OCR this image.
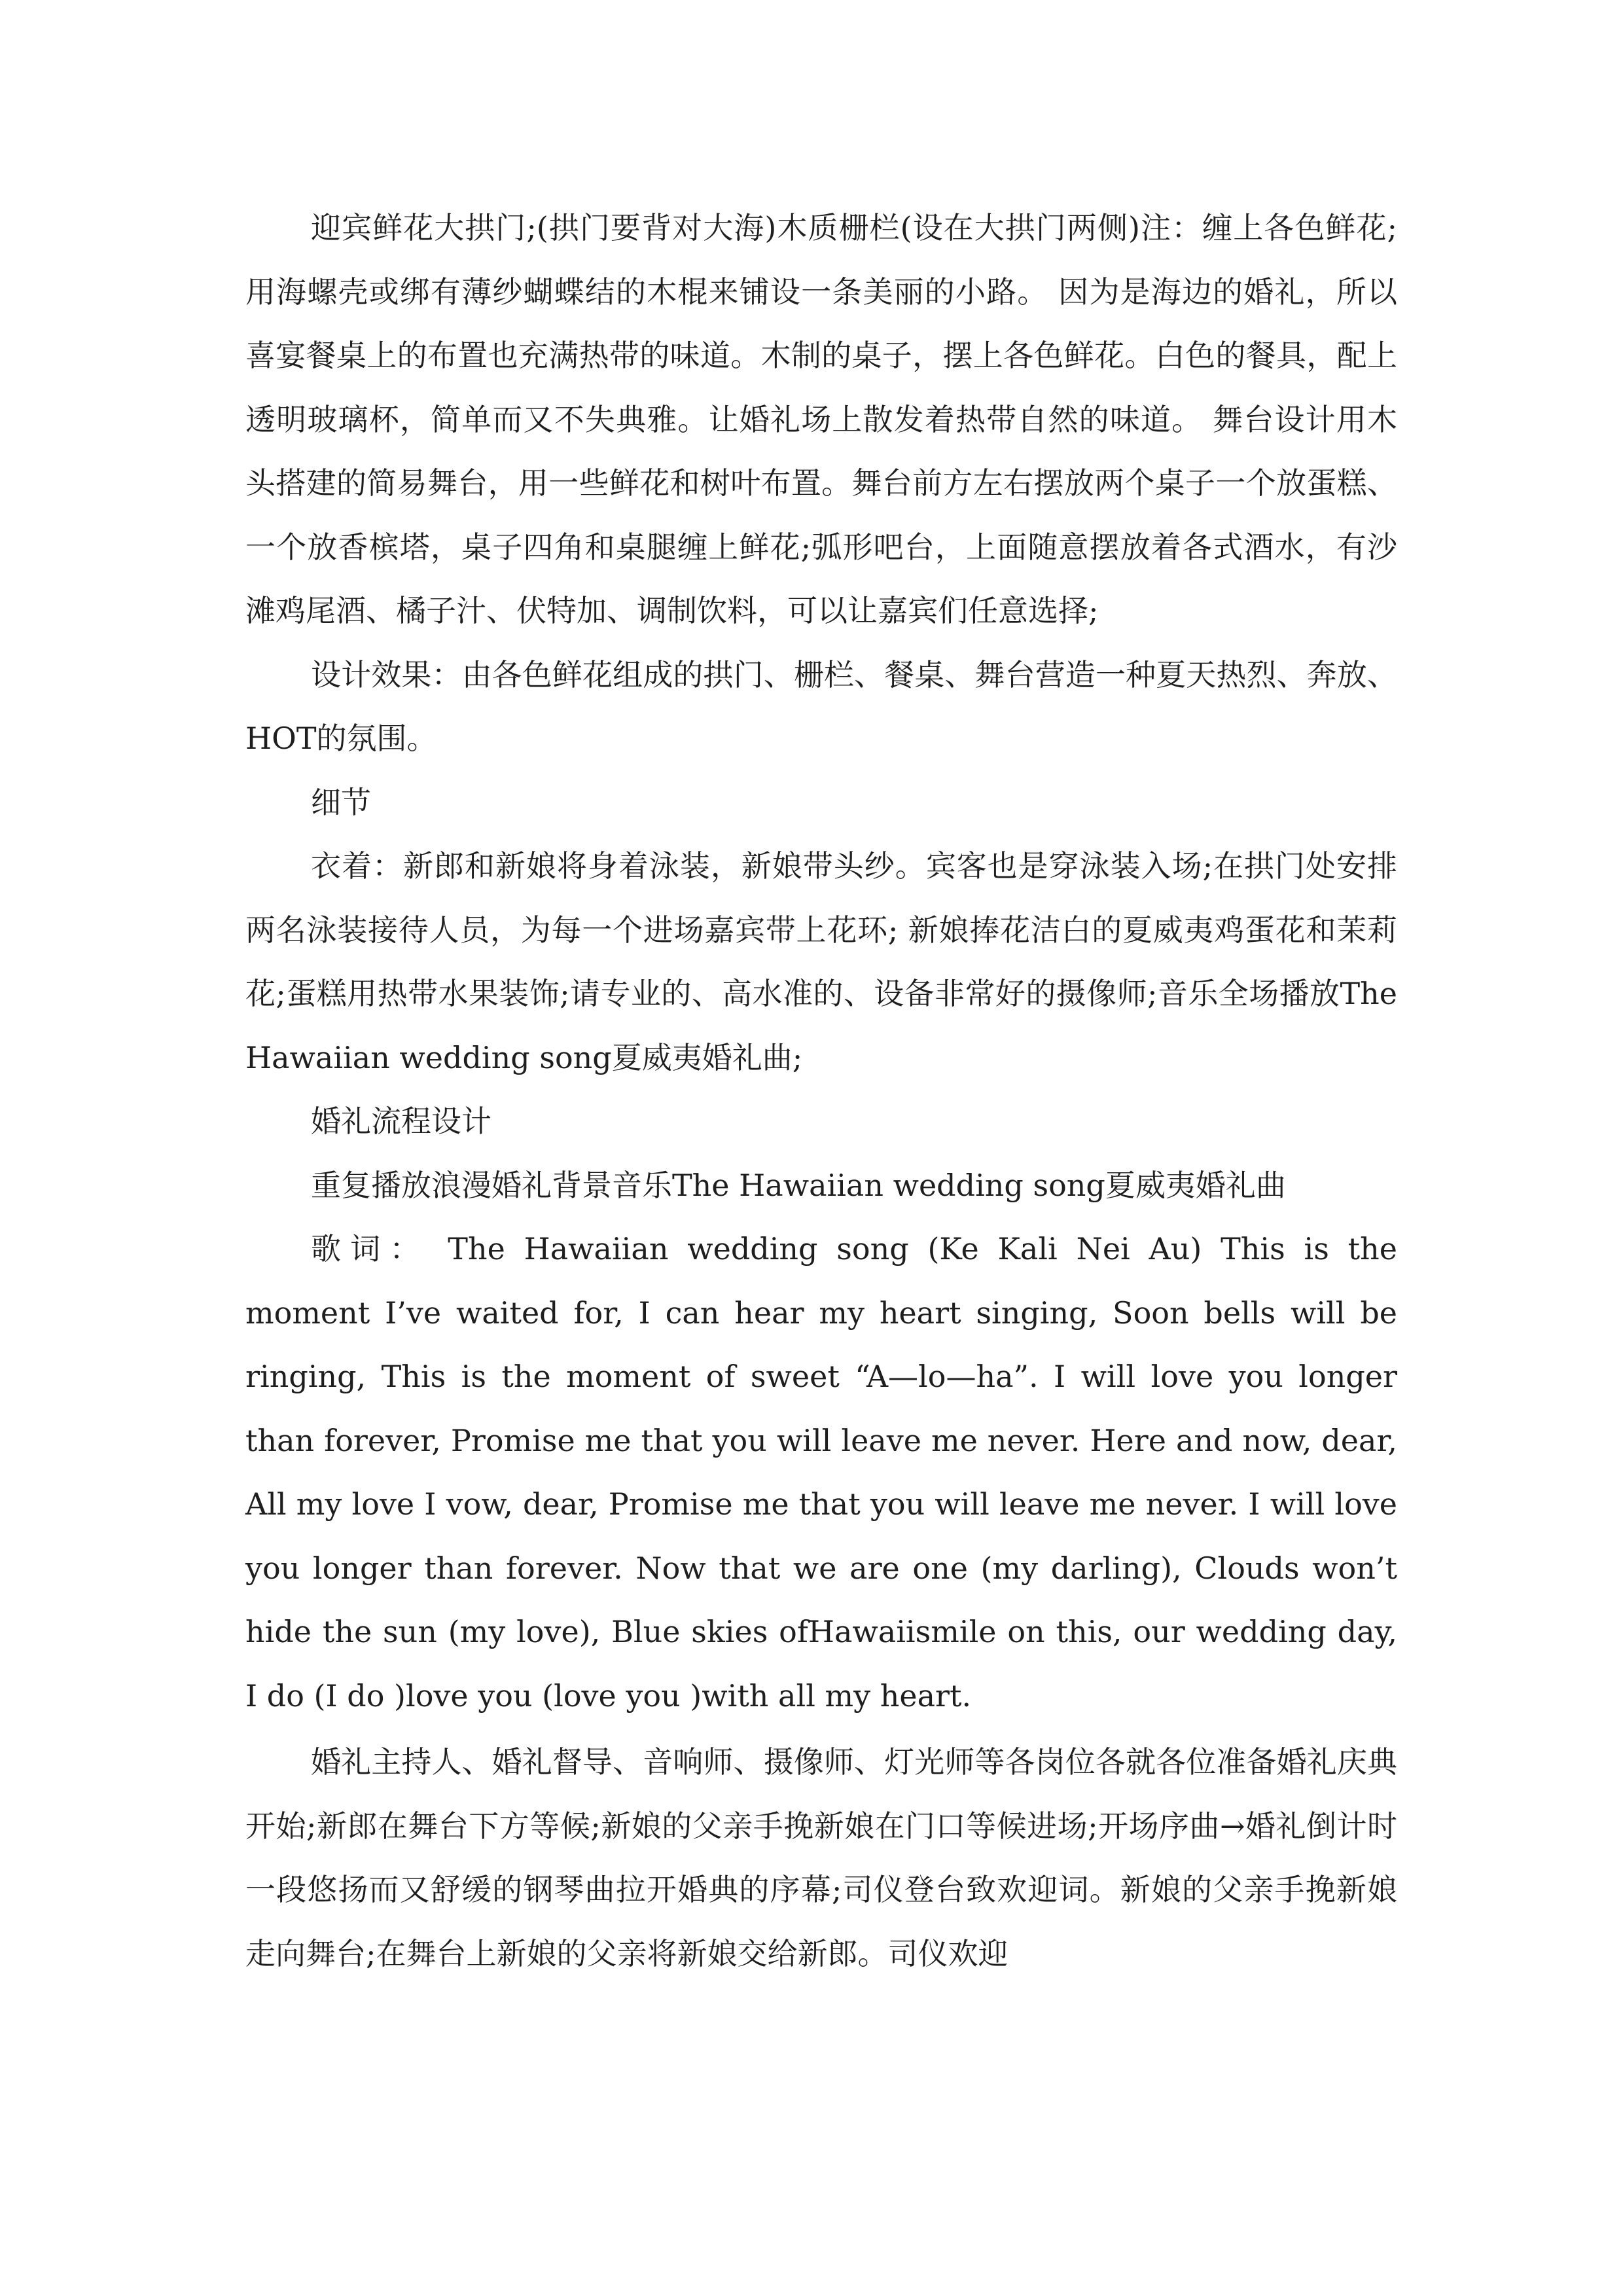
迎宾鲜花大拱门;(拱门要背对大海)木质栅栏(设在大拱门两侧)注：缠上各色鲜花;用海螺壳或绑有薄纱蝴蝶结的木棍来铺设一条美丽的小路。 因为是海边的婚礼，所以喜宴餐桌上的布置也充满热带的味道。木制的桌子，摆上各色鲜花。白色的餐具，配上透明玻璃杯，简单而又不失典雅。让婚礼场上散发着热带自然的味道。 舞台设计用木头搭建的简易舞台，用一些鲜花和树叶布置。舞台前方左右摆放两个桌子一个放蛋糕、一个放香槟塔，桌子四角和桌腿缠上鲜花;弧形吧台，上面随意摆放着各式酒水，有沙滩鸡尾酒、橘子汁、伏特加、调制饮料，可以让嘉宾们任意选择;

设计效果：由各色鲜花组成的拱门、栅栏、餐桌、舞台营造一种夏天热烈、奔放、HOT的氛围。

细节

衣着：新郎和新娘将身着泳装，新娘带头纱。宾客也是穿泳装入场;在拱门处安排两名泳装接待人员，为每一个进场嘉宾带上花环; 新娘捧花洁白的夏威夷鸡蛋花和茉莉花;蛋糕用热带水果装饰;请专业的、高水准的、设备非常好的摄像师;音乐全场播放The Hawaiian wedding song夏威夷婚礼曲;

婚礼流程设计

重复播放浪漫婚礼背景音乐The Hawaiian wedding song夏威夷婚礼曲

歌词： The Hawaiian wedding song (Ke Kali Nei Au) This is the moment I’ve waited for, I can hear my heart singing, Soon bells will be ringing, This is the moment of sweet “A—lo—ha”. I will love you longer than forever, Promise me that you will leave me never. Here and now, dear, All my love I vow, dear, Promise me that you will leave me never. I will love you longer than forever. Now that we are one (my darling), Clouds won’t hide the sun (my love), Blue skies ofHawaiismile on this, our wedding day, I do (I do )love you (love you )with all my heart.

婚礼主持人、婚礼督导、音响师、摄像师、灯光师等各岗位各就各位准备婚礼庆典开始;新郎在舞台下方等候;新娘的父亲手挽新娘在门口等候进场;开场序曲→婚礼倒计时一段悠扬而又舒缓的钢琴曲拉开婚典的序幕;司仪登台致欢迎词。新娘的父亲手挽新娘走向舞台;在舞台上新娘的父亲将新娘交给新郎。司仪欢迎
